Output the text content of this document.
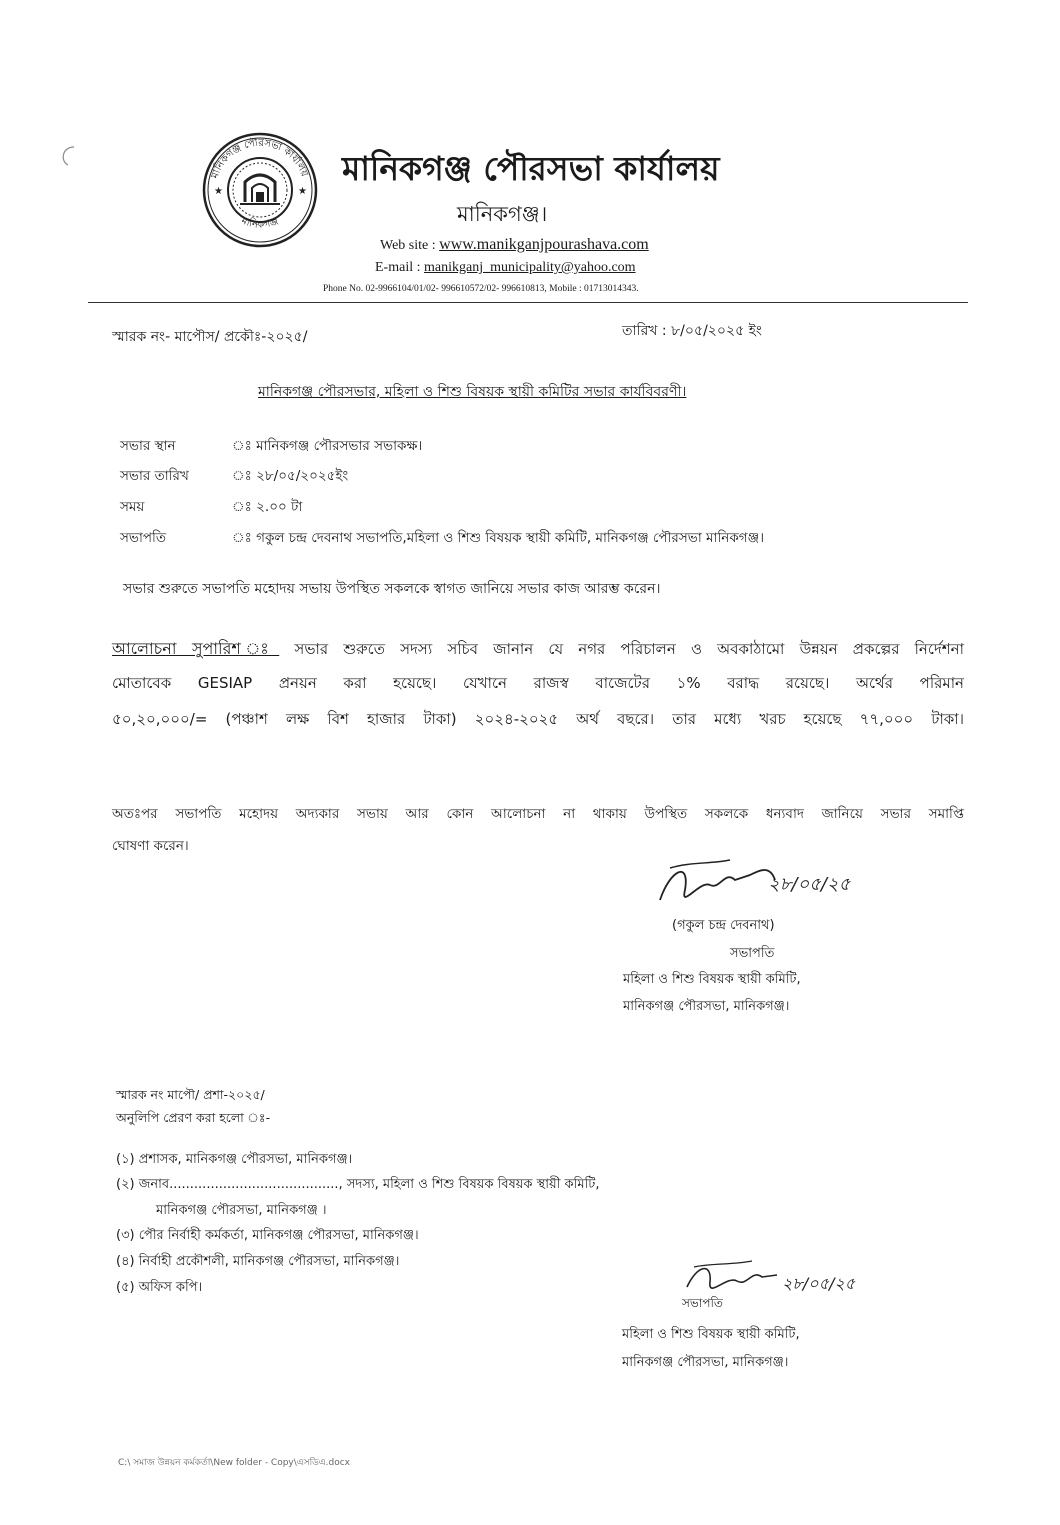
★	★
মানিকগঞ্জ পৌরসভা কার্যালয়
মানিকগঞ্জ
মানিকগঞ্জ পৌরসভা কার্যালয়
মানিকগঞ্জ।
Web site : www.manikganjpourashava.com
E-mail : manikganj_municipality@yahoo.com
Phone No. 02-9966104/01/02- 996610572/02- 996610813, Mobile : 01713014343.
স্মারক নং- মাপৌস/ প্রকৌঃ-২০২৫/	তারিখ : ৮/০৫/২০২৫ ইং
মানিকগঞ্জ পৌরসভার, মহিলা ও শিশু বিষয়ক স্থায়ী কমিটির সভার কার্যবিবরণী।
সভার স্থান	ঃ মানিকগঞ্জ পৌরসভার সভাকক্ষ।
সভার তারিখ	ঃ ২৮/০৫/২০২৫ইং
সময়	ঃ ২.০০ টা
সভাপতি	ঃ গকুল চন্দ্র দেবনাথ সভাপতি,মহিলা ও শিশু বিষয়ক স্থায়ী কমিটি, মানিকগঞ্জ পৌরসভা মানিকগঞ্জ।
সভার শুরুতে সভাপতি মহোদয় সভায় উপস্থিত সকলকে স্বাগত জানিয়ে সভার কাজ আরম্ভ করেন।
আলোচনা সুপারিশ ঃ সভার শুরুতে সদস্য সচিব জানান যে নগর পরিচালন ও অবকাঠামো উন্নয়ন প্রকল্পের নির্দেশনা
মোতাবেক GESIAP প্রনয়ন করা হয়েছে। যেখানে রাজস্ব বাজেটের ১% বরাদ্ধ রয়েছে। অর্থের পরিমান
৫০,২০,০০০/= (পঞ্চাশ লক্ষ বিশ হাজার টাকা) ২০২৪-২০২৫ অর্থ বছরে। তার মধ্যে খরচ হয়েছে ৭৭,০০০ টাকা।
অতঃপর সভাপতি মহোদয় অদ্যকার সভায় আর কোন আলোচনা না থাকায় উপস্থিত সকলকে ধন্যবাদ জানিয়ে সভার সমাপ্তি
ঘোষণা করেন।
২৮/০৫/২৫
(গকুল চন্দ্র দেবনাথ)
সভাপতি
মহিলা ও শিশু বিষয়ক স্থায়ী কমিটি,
মানিকগঞ্জ পৌরসভা, মানিকগঞ্জ।
স্মারক নং মাপৌ/ প্রশা-২০২৫/
অনুলিপি প্রেরণ করা হলো ঃ-
(১) প্রশাসক, মানিকগঞ্জ পৌরসভা, মানিকগঞ্জ।
(২) জনাব........................................., সদস্য, মহিলা ও শিশু বিষয়ক বিষয়ক স্থায়ী কমিটি,
মানিকগঞ্জ পৌরসভা, মানিকগঞ্জ ।
(৩) পৌর নির্বাহী কর্মকর্তা, মানিকগঞ্জ পৌরসভা, মানিকগঞ্জ।
(৪) নির্বাহী প্রকৌশলী, মানিকগঞ্জ পৌরসভা, মানিকগঞ্জ।
(৫) অফিস কপি।	২৮/০৫/২৫
সভাপতি
মহিলা ও শিশু বিষয়ক স্থায়ী কমিটি,
মানিকগঞ্জ পৌরসভা, মানিকগঞ্জ।
C:\ সমাজ উন্নয়ন কর্মকর্তা\New folder - Copy\এসডিএ.docx
